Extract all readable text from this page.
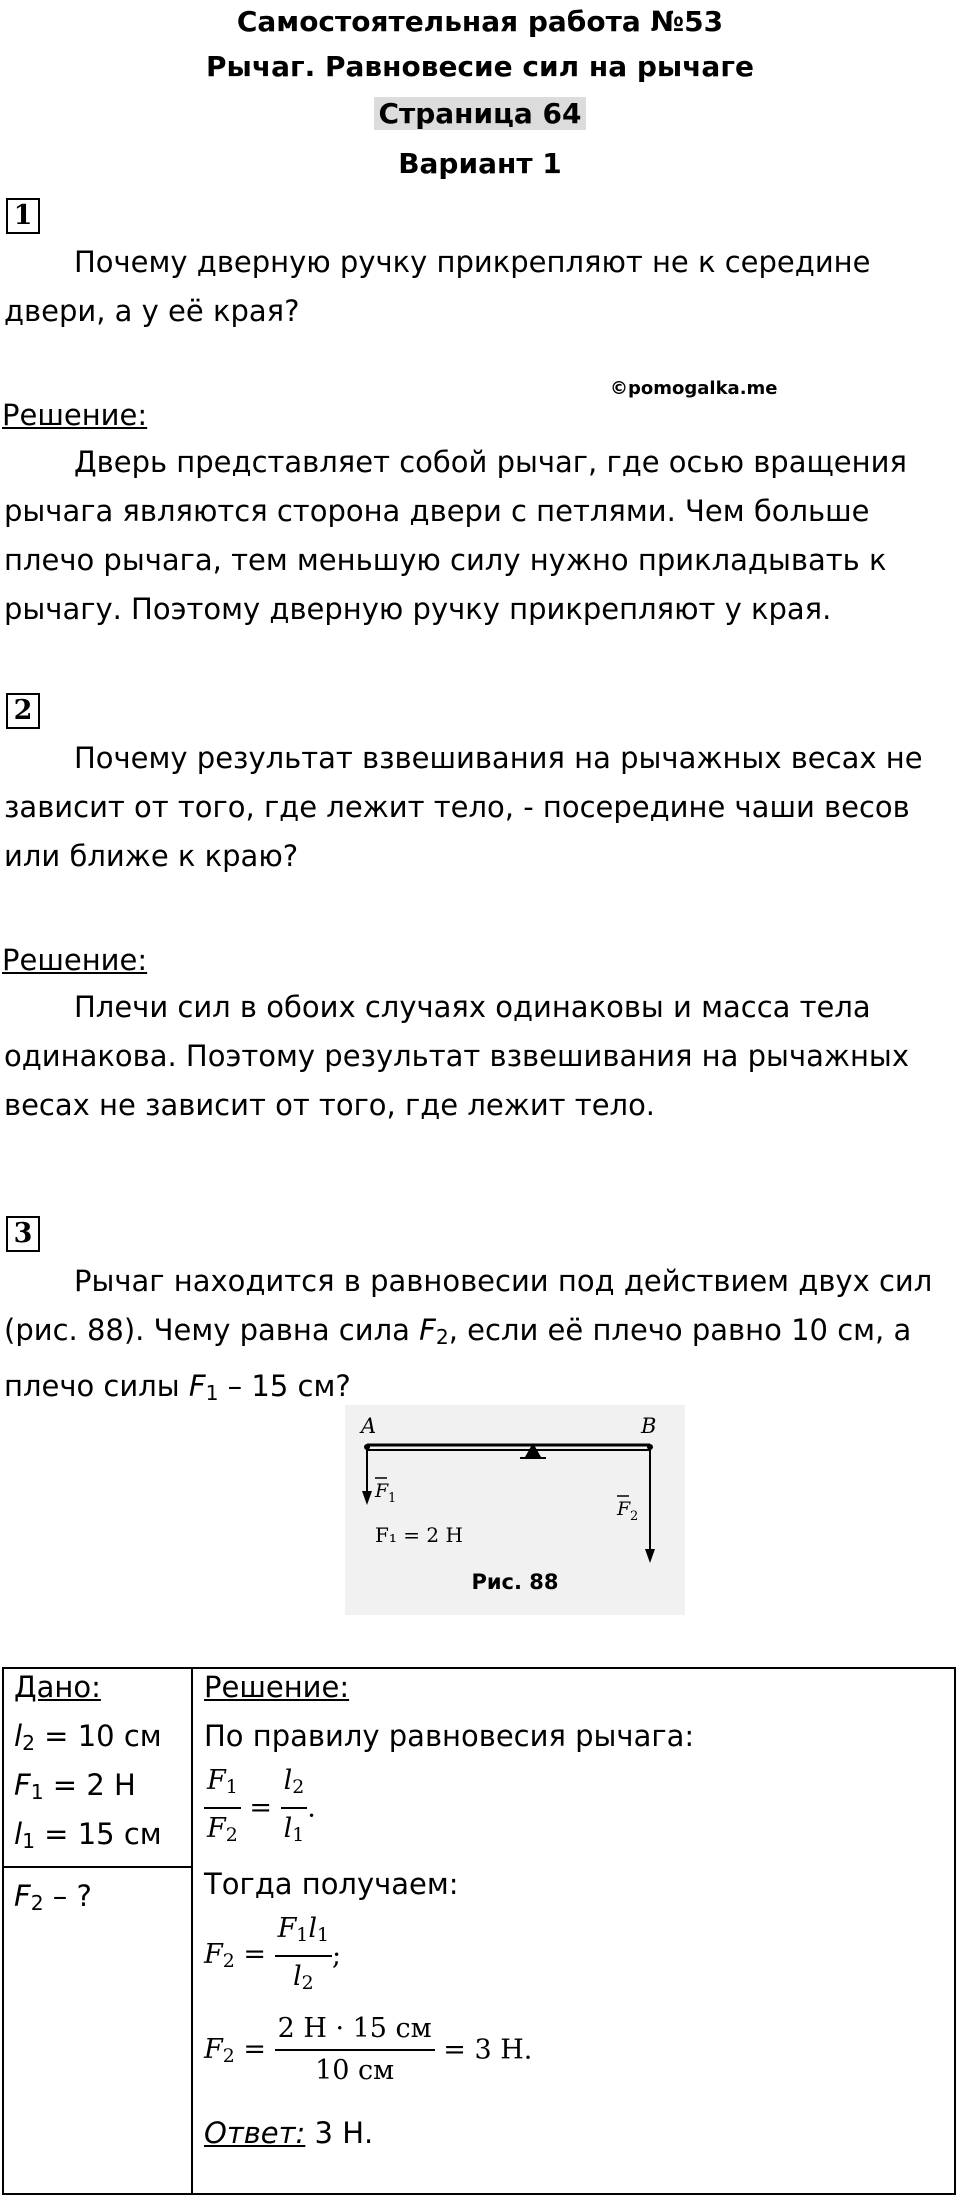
Самостоятельная работа №53
Рычаг. Равновесие сил на рычаге
Страница 64
Вариант 1
1

Почему дверную ручку прикрепляют не к середине двери, а у её края?

Решение:
©pomogalka.me

Дверь представляет собой рычаг, где осью вращения рычага являются сторона двери с петлями. Чем больше плечо рычага, тем меньшую силу нужно прикладывать к рычагу. Поэтому дверную ручку прикрепляют у края.

2

Почему результат взвешивания на рычажных весах не зависит от того, где лежит тело, - посередине чаши весов или ближе к краю?

Решение:

Плечи сил в обоих случаях одинаковы и масса тела одинакова. Поэтому результат взвешивания на рычажных весах не зависит от того, где лежит тело.

3

Рычаг находится в равновесии под действием двух сил (рис. 88). Чему равна сила F2, если её плечо равно 10 см, а плечо силы F1 – 15 см?

A	B
F 1	F 2
F₁ = 2 Н
Рис. 88
Дано:
l2 = 10 см
F1 = 2 Н
l1 = 15 см
F2 – ?
Решение:
По правилу равновесия рычага:
$\frac{F_1}{F_2} = \frac{l_2}{l_1}$ .
Тогда получаем:
$F_2 = \frac{F_1l_1}{l_2}$ ;
$F_2 = \frac{2 Н \cdot 15 см}{10 см} = 3$ Н.
Ответ: 3 Н.
